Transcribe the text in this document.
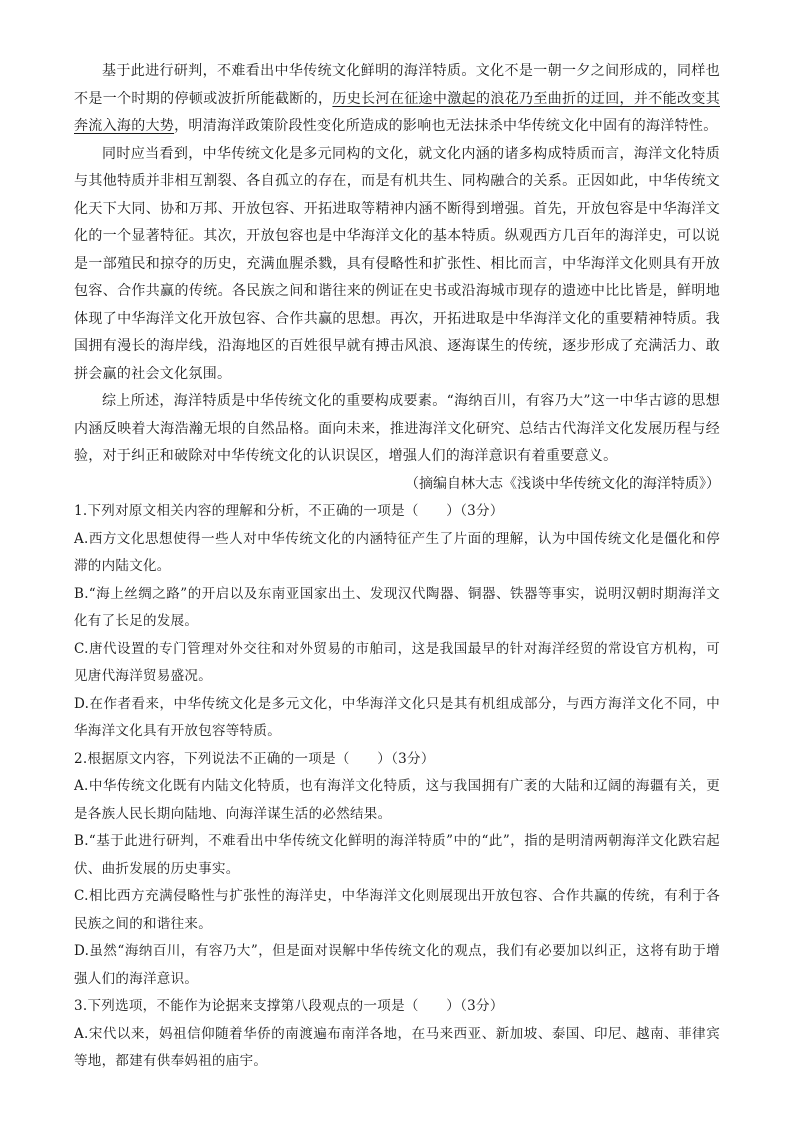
基于此进行研判，不难看出中华传统文化鲜明的海洋特质。文化不是一朝一夕之间形成的，同样也不是一个时期的停顿或波折所能截断的，历史长河在征途中激起的浪花乃至曲折的迂回，并不能改变其奔流入海的大势，明清海洋政策阶段性变化所造成的影响也无法抹杀中华传统文化中固有的海洋特性。

同时应当看到，中华传统文化是多元同构的文化，就文化内涵的诸多构成特质而言，海洋文化特质与其他特质并非相互割裂、各自孤立的存在，而是有机共生、同构融合的关系。正因如此，中华传统文化天下大同、协和万邦、开放包容、开拓进取等精神内涵不断得到增强。首先，开放包容是中华海洋文化的一个显著特征。其次，开放包容也是中华海洋文化的基本特质。纵观西方几百年的海洋史，可以说是一部殖民和掠夺的历史，充满血腥杀戮，具有侵略性和扩张性、相比而言，中华海洋文化则具有开放包容、合作共赢的传统。各民族之间和谐往来的例证在史书或沿海城市现存的遗迹中比比皆是，鲜明地体现了中华海洋文化开放包容、合作共赢的思想。再次，开拓进取是中华海洋文化的重要精神特质。我国拥有漫长的海岸线，沿海地区的百姓很早就有搏击风浪、逐海谋生的传统，逐步形成了充满活力、敢拼会赢的社会文化氛围。

综上所述，海洋特质是中华传统文化的重要构成要素。“海纳百川，有容乃大”这一中华古谚的思想内涵反映着大海浩瀚无垠的自然品格。面向未来，推进海洋文化研究、总结古代海洋文化发展历程与经验，对于纠正和破除对中华传统文化的认识误区，增强人们的海洋意识有着重要意义。

（摘编自林大志《浅谈中华传统文化的海洋特质》）

1.下列对原文相关内容的理解和分析，不正确的一项是（　　）（3分）

A.西方文化思想使得一些人对中华传统文化的内涵特征产生了片面的理解，认为中国传统文化是僵化和停滞的内陆文化。

B.“海上丝绸之路”的开启以及东南亚国家出土、发现汉代陶器、铜器、铁器等事实，说明汉朝时期海洋文化有了长足的发展。

C.唐代设置的专门管理对外交往和对外贸易的市舶司，这是我国最早的针对海洋经贸的常设官方机构，可见唐代海洋贸易盛况。

D.在作者看来，中华传统文化是多元文化，中华海洋文化只是其有机组成部分，与西方海洋文化不同，中华海洋文化具有开放包容等特质。

2.根据原文内容，下列说法不正确的一项是（　　）（3分）

A.中华传统文化既有内陆文化特质，也有海洋文化特质，这与我国拥有广袤的大陆和辽阔的海疆有关，更是各族人民长期向陆地、向海洋谋生活的必然结果。

B.“基于此进行研判，不难看出中华传统文化鲜明的海洋特质”中的“此”，指的是明清两朝海洋文化跌宕起伏、曲折发展的历史事实。

C.相比西方充满侵略性与扩张性的海洋史，中华海洋文化则展现出开放包容、合作共赢的传统，有利于各民族之间的和谐往来。

D.虽然“海纳百川，有容乃大”，但是面对误解中华传统文化的观点，我们有必要加以纠正，这将有助于增强人们的海洋意识。

3.下列选项，不能作为论据来支撑第八段观点的一项是（　　）（3分）

A.宋代以来，妈祖信仰随着华侨的南渡遍布南洋各地，在马来西亚、新加坡、泰国、印尼、越南、菲律宾等地，都建有供奉妈祖的庙宇。
